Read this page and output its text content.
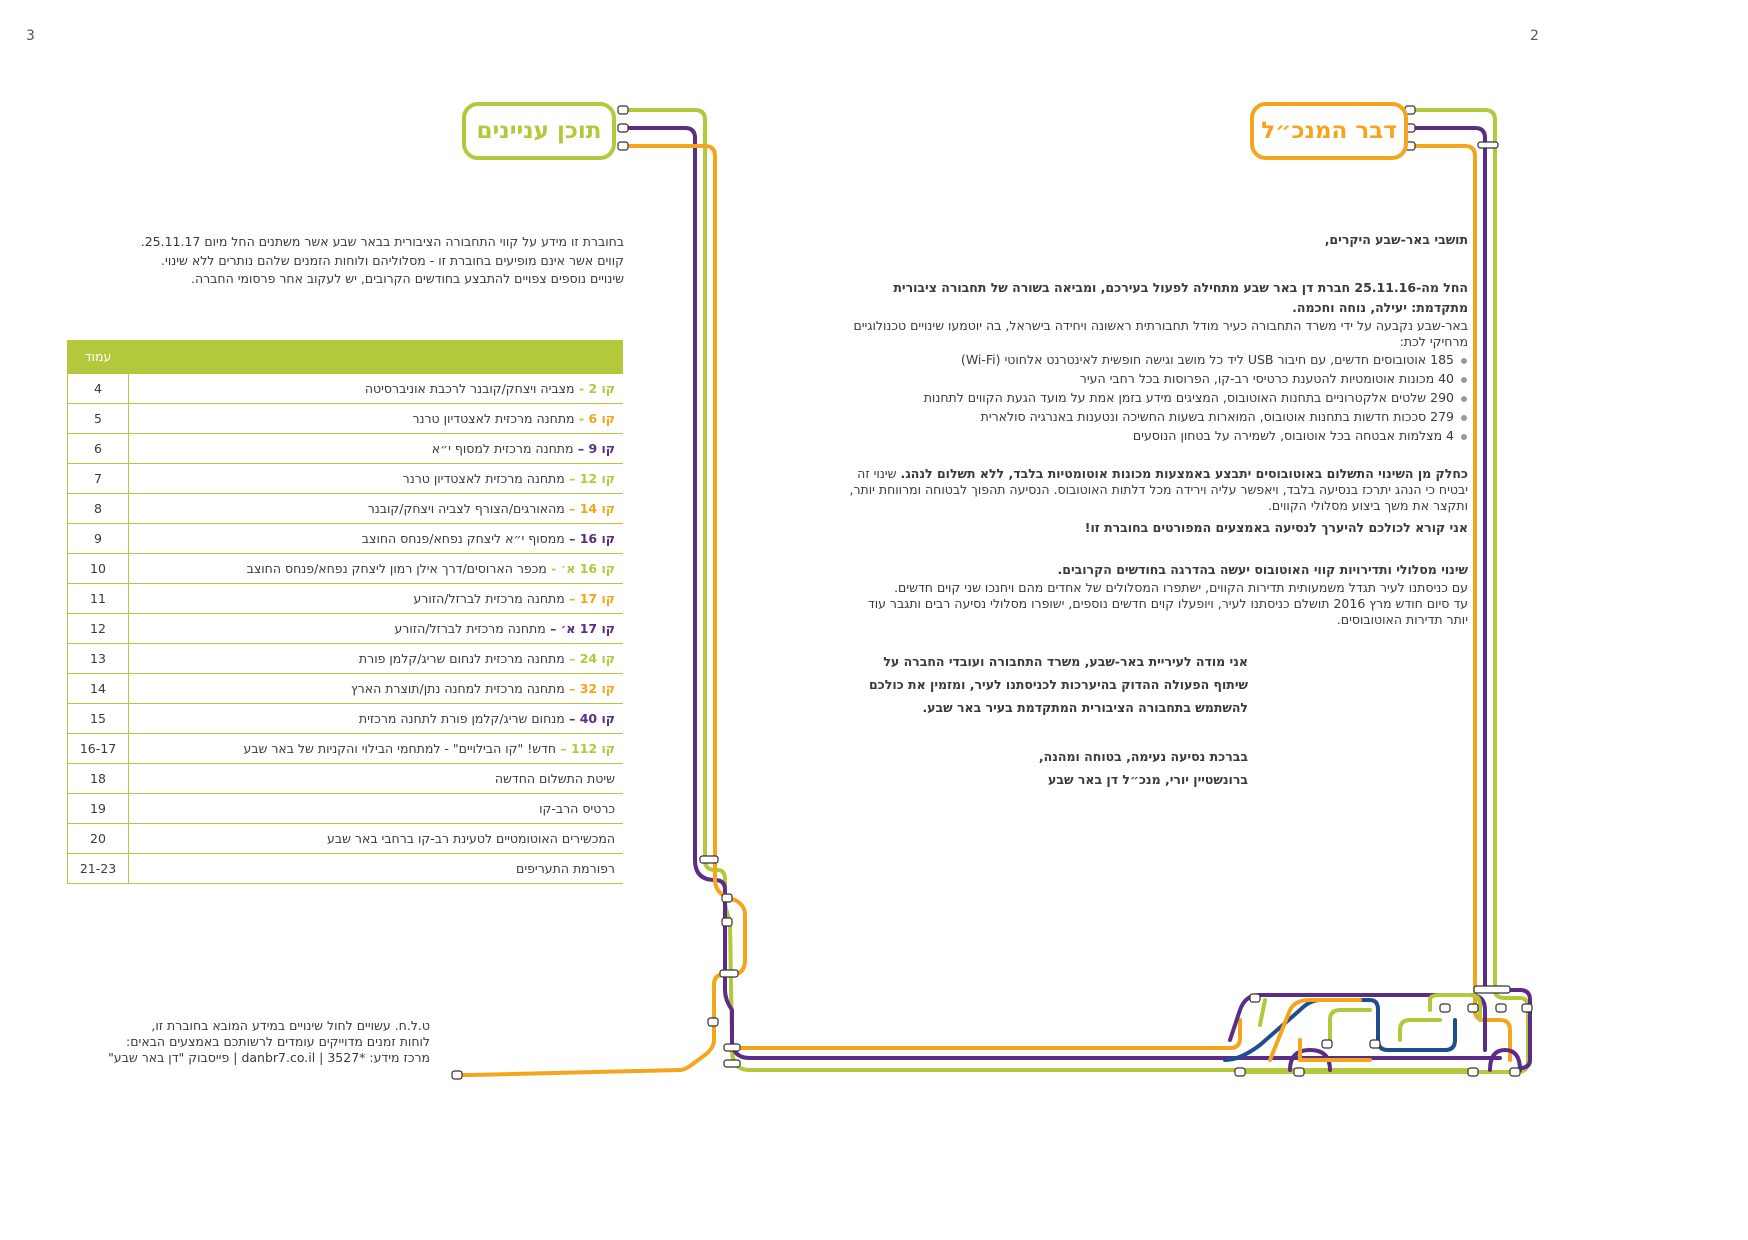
3	2
דבר המנכ״ל

תושבי באר-שבע היקרים,

החל מה-25.11.16 חברת דן באר שבע מתחילה לפעול בעירכם, ומביאה בשורה של תחבורה ציבורית מתקדמת: יעילה, נוחה וחכמה.

באר-שבע נקבעה על ידי משרד התחבורה כעיר מודל תחבורתית ראשונה ויחידה בישראל, בה יוטמעו שינויים טכנולוגיים מרחיקי לכת:

185 אוטובוסים חדשים, עם חיבור USB ליד כל מושב וגישה חופשית לאינטרנט אלחוטי (Wi-Fi)
40 מכונות אוטומטיות להטענת כרטיסי רב-קו, הפרוסות בכל רחבי העיר
290 שלטים אלקטרוניים בתחנות האוטובוס, המציגים מידע בזמן אמת על מועד הגעת הקווים לתחנות
279 סככות חדשות בתחנות אוטובוס, המוארות בשעות החשיכה ונטענות באנרגיה סולארית
4 מצלמות אבטחה בכל אוטובוס, לשמירה על בטחון הנוסעים

כחלק מן השינוי התשלום באוטובוסים יתבצע באמצעות מכונות אוטומטיות בלבד, ללא תשלום לנהג. שינוי זה יבטיח כי הנהג יתרכז בנסיעה בלבד, ויאפשר עליה וירידה מכל דלתות האוטובוס. הנסיעה תהפוך לבטוחה ומרווחת יותר, ותקצר את משך ביצוע מסלולי הקווים.

אני קורא לכולכם להיערך לנסיעה באמצעים המפורטים בחוברת זו!

שינוי מסלולי ותדירויות קווי האוטובוס יעשה בהדרגה בחודשים הקרובים.

עם כניסתנו לעיר תגדל משמעותית תדירות הקווים, ישתפרו המסלולים של אחדים מהם ויחנכו שני קוים חדשים.

עד סיום חודש מרץ 2016 תושלם כניסתנו לעיר, ויופעלו קוים חדשים נוספים, ישופרו מסלולי נסיעה רבים ותגבר עוד יותר תדירות האוטובוסים.

אני מודה לעיריית באר-שבע, משרד התחבורה ועובדי החברה על שיתוף הפעולה ההדוק בהיערכות לכניסתנו לעיר, ומזמין את כולכם להשתמש בתחבורה הציבורית המתקדמת בעיר באר שבע.

בברכת נסיעה נעימה, בטוחה ומהנה,

ברונשטיין יורי, מנכ״ל דן באר שבע

תוכן עניינים

בחוברת זו מידע על קווי התחבורה הציבורית בבאר שבע אשר משתנים החל מיום 25.11.17.

קווים אשר אינם מופיעים בחוברת זו - מסלוליהם ולוחות הזמנים שלהם נותרים ללא שינוי.

שינויים נוספים צפויים להתבצע בחודשים הקרובים, יש לעקוב אחר פרסומי החברה.

	עמוד
קו 2 - מצביה ויצחק/קובנר לרכבת אוניברסיטה	4
קו 6 - מתחנה מרכזית לאצטדיון טרנר	5
קו 9 – מתחנה מרכזית למסוף י״א	6
קו 12 – מתחנה מרכזית לאצטדיון טרנר	7
קו 14 – מהאורגים/הצורף לצביה ויצחק/קובנר	8
קו 16 – ממסוף י״א ליצחק נפחא/פנחס החוצב	9
קו 16 א׳ - מכפר הארוסים/דרך אילן רמון ליצחק נפחא/פנחס החוצב	10
קו 17 – מתחנה מרכזית לברזל/הזורע	11
קו 17 א׳ – מתחנה מרכזית לברזל/הזורע	12
קו 24 – מתחנה מרכזית לנחום שריג/קלמן פורת	13
קו 32 – מתחנה מרכזית למחנה נתן/תוצרת הארץ	14
קו 40 – מנחום שריג/קלמן פורת לתחנה מרכזית	15
קו 112 – חדש! "קו הבילויים" - למתחמי הבילוי והקניות של באר שבע	16-17
שיטת התשלום החדשה	18
כרטיס הרב-קו	19
המכשירים האוטומטיים לטעינת רב-קו ברחבי באר שבע	20
רפורמת התעריפים	21-23

ט.ל.ח. עשויים לחול שינויים במידע המובא בחוברת זו,

לוחות זמנים מדוייקים עומדים לרשותכם באמצעים הבאים:

מרכז מידע: *3527 | danbr7.co.il | פייסבוק "דן באר שבע"
